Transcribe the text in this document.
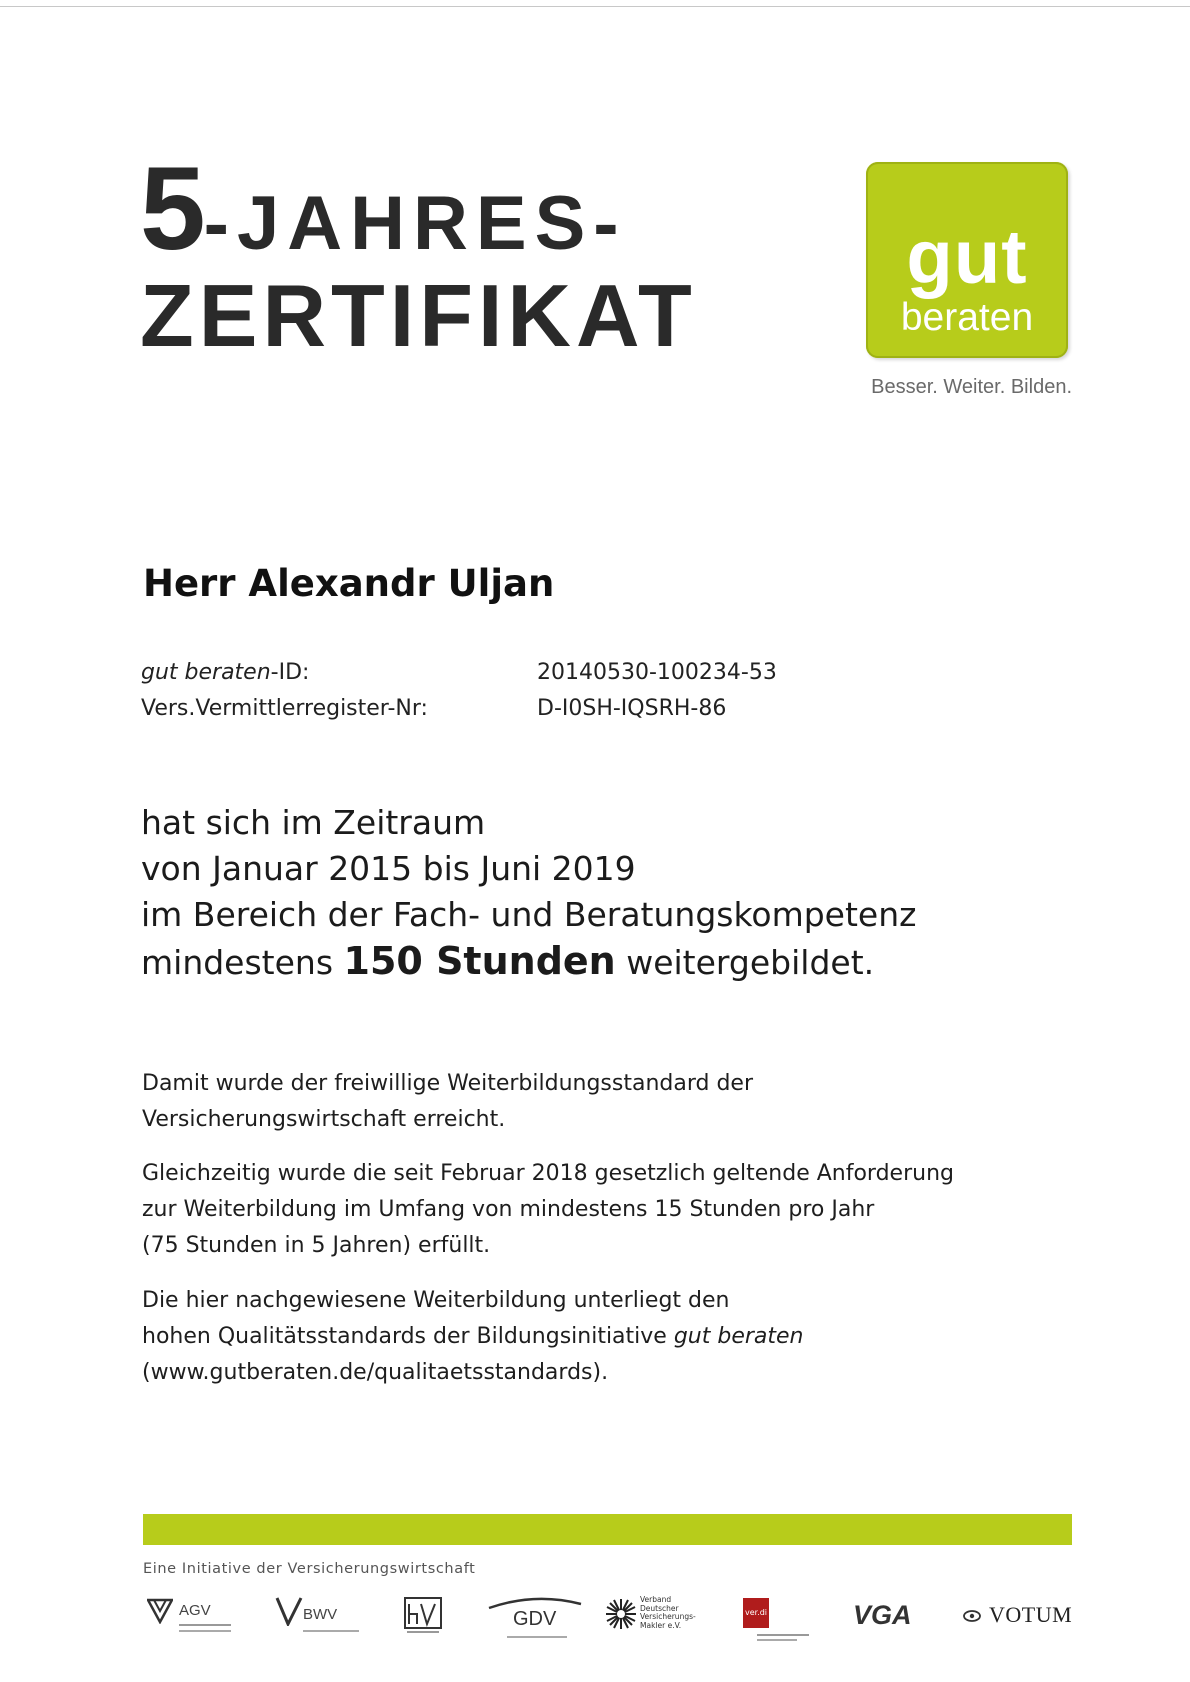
5-JAHRES-
ZERTIFIKAT
gut
beraten
Besser. Weiter. Bilden.
Herr Alexandr Uljan
gut beraten-ID:	20140530-100234-53
Vers.Vermittlerregister-Nr:	D-I0SH-IQSRH-86
hat sich im Zeitraum
von Januar 2015 bis Juni 2019
im Bereich der Fach- und Beratungskompetenz
mindestens 150 Stunden weitergebildet.
Damit wurde der freiwillige Weiterbildungsstandard der
Versicherungswirtschaft erreicht.
Gleichzeitig wurde die seit Februar 2018 gesetzlich geltende Anforderung
zur Weiterbildung im Umfang von mindestens 15 Stunden pro Jahr
(75 Stunden in 5 Jahren) erfüllt.
Die hier nachgewiesene Weiterbildung unterliegt den
hohen Qualitätsstandards der Bildungsinitiative gut beraten
(www.gutberaten.de/qualitaetsstandards).
Eine Initiative der Versicherungswirtschaft
AGV	BWV	GDV
Verband
Deutscher
Versicherungs-
Makler e.V.
ver.di	VGA	VOTUM
